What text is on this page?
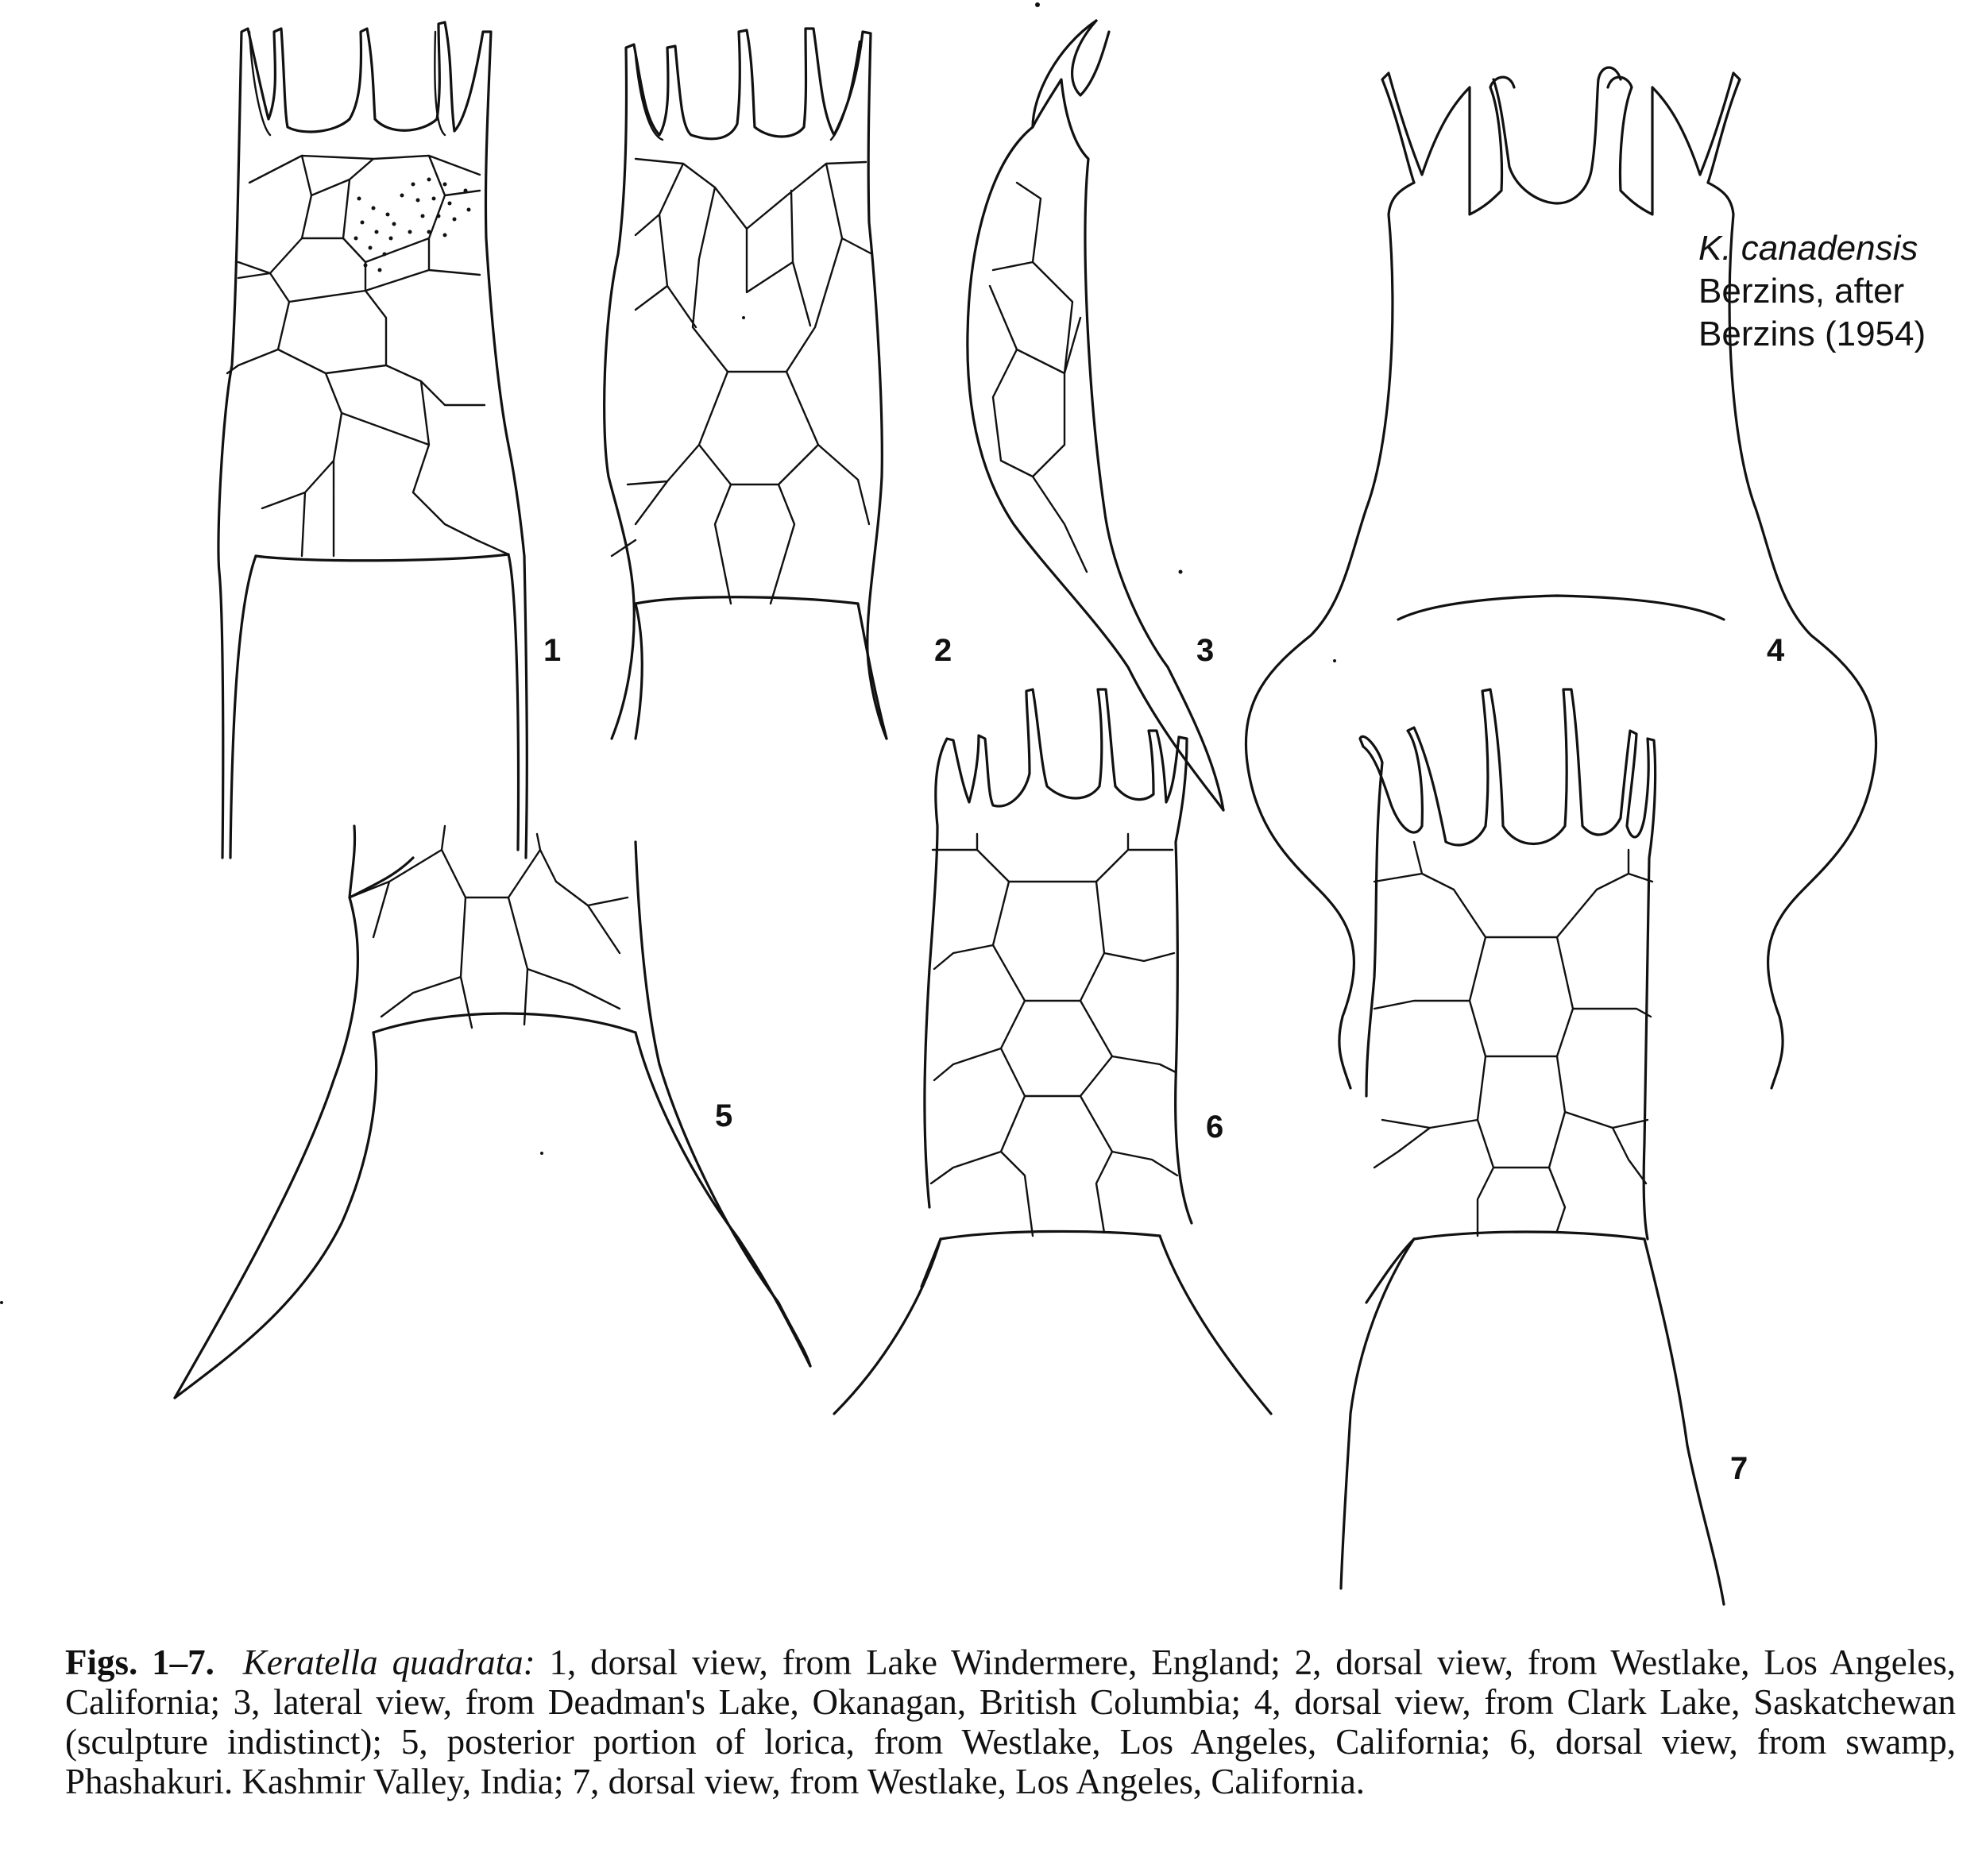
1	2	3	4
5	6
7
K. canadensis
Berzins, after
Berzins (1954)
Figs. 1–7. Keratella quadrata: 1, dorsal view, from Lake Windermere, England; 2, dorsal view, from Westlake, Los Angeles, California; 3, lateral view, from Deadman's Lake, Okanagan, British Columbia; 4, dorsal view, from Clark Lake, Saskatchewan (sculpture indistinct); 5, posterior portion of lorica, from Westlake, Los Angeles, California; 6, dorsal view, from swamp, Phashakuri. Kashmir Valley, India; 7, dorsal view, from Westlake, Los Angeles, California.
